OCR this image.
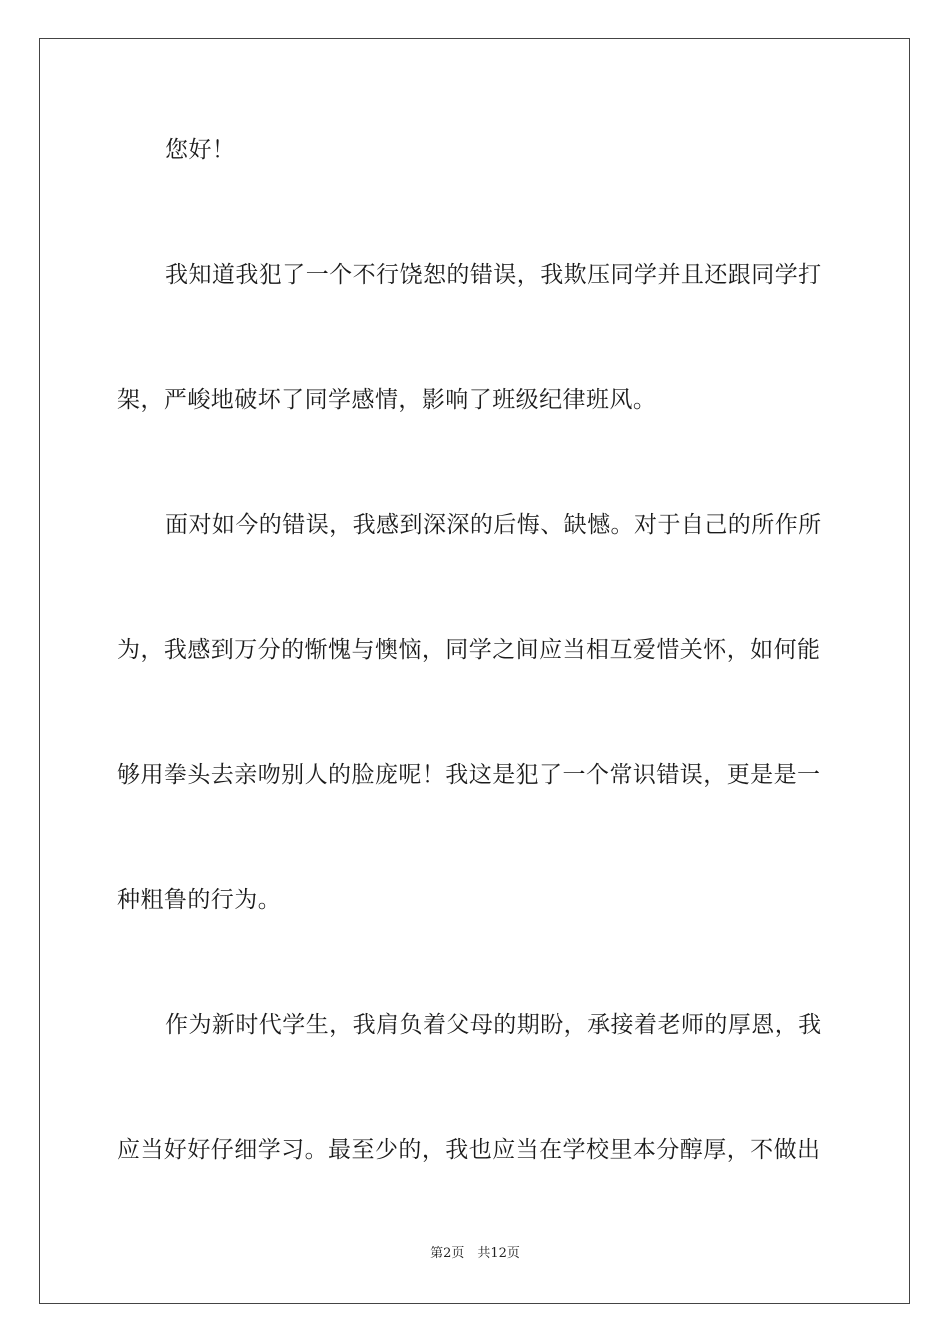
您好！
我知道我犯了一个不行饶恕的错误，我欺压同学并且还跟同学打
架，严峻地破坏了同学感情，影响了班级纪律班风。
面对如今的错误，我感到深深的后悔、缺憾。对于自己的所作所
为，我感到万分的惭愧与懊恼，同学之间应当相互爱惜关怀，如何能
够用拳头去亲吻别人的脸庞呢！我这是犯了一个常识错误，更是是一
种粗鲁的行为。
作为新时代学生，我肩负着父母的期盼，承接着老师的厚恩，我
应当好好仔细学习。最至少的，我也应当在学校里本分醇厚，不做出
第2页　共12页
